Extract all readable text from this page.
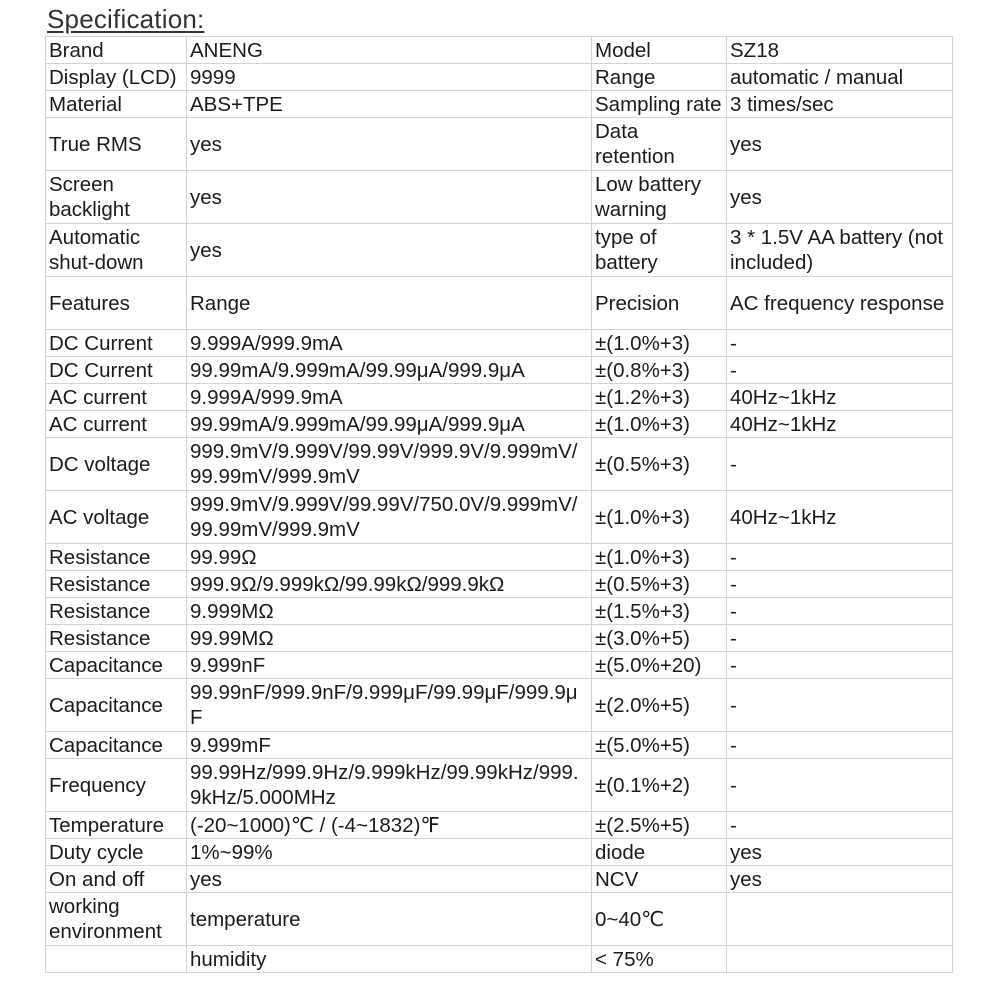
Specification:
Brand	ANENG	Model	SZ18
Display (LCD)	9999	Range	automatic / manual
Material	ABS+TPE	Sampling rate	3 times/sec
True RMS	yes	Data retention	yes
Screen backlight	yes	Low battery warning	yes
Automatic shut-down	yes	type of battery	3 * 1.5V AA battery (not included)
Features	Range	Precision	AC frequency response
DC Current	9.999A/999.9mA	±(1.0%+3)	-
DC Current	99.99mA/9.999mA/99.99μA/999.9μA	±(0.8%+3)	-
AC current	9.999A/999.9mA	±(1.2%+3)	40Hz~1kHz
AC current	99.99mA/9.999mA/99.99μA/999.9μA	±(1.0%+3)	40Hz~1kHz
DC voltage	999.9mV/9.999V/99.99V/999.9V/9.999mV/99.99mV/999.9mV	±(0.5%+3)	-
AC voltage	999.9mV/9.999V/99.99V/750.0V/9.999mV/99.99mV/999.9mV	±(1.0%+3)	40Hz~1kHz
Resistance	99.99Ω	±(1.0%+3)	-
Resistance	999.9Ω/9.999kΩ/99.99kΩ/999.9kΩ	±(0.5%+3)	-
Resistance	9.999MΩ	±(1.5%+3)	-
Resistance	99.99MΩ	±(3.0%+5)	-
Capacitance	9.999nF	±(5.0%+20)	-
Capacitance	99.99nF/999.9nF/9.999μF/99.99μF/999.9μF	±(2.0%+5)	-
Capacitance	9.999mF	±(5.0%+5)	-
Frequency	99.99Hz/999.9Hz/9.999kHz/99.99kHz/999.9kHz/5.000MHz	±(0.1%+2)	-
Temperature	(-20~1000)℃ / (-4~1832)℉	±(2.5%+5)	-
Duty cycle	1%~99%	diode	yes
On and off	yes	NCV	yes
working environment	temperature	0~40℃	
	humidity	< 75%	
